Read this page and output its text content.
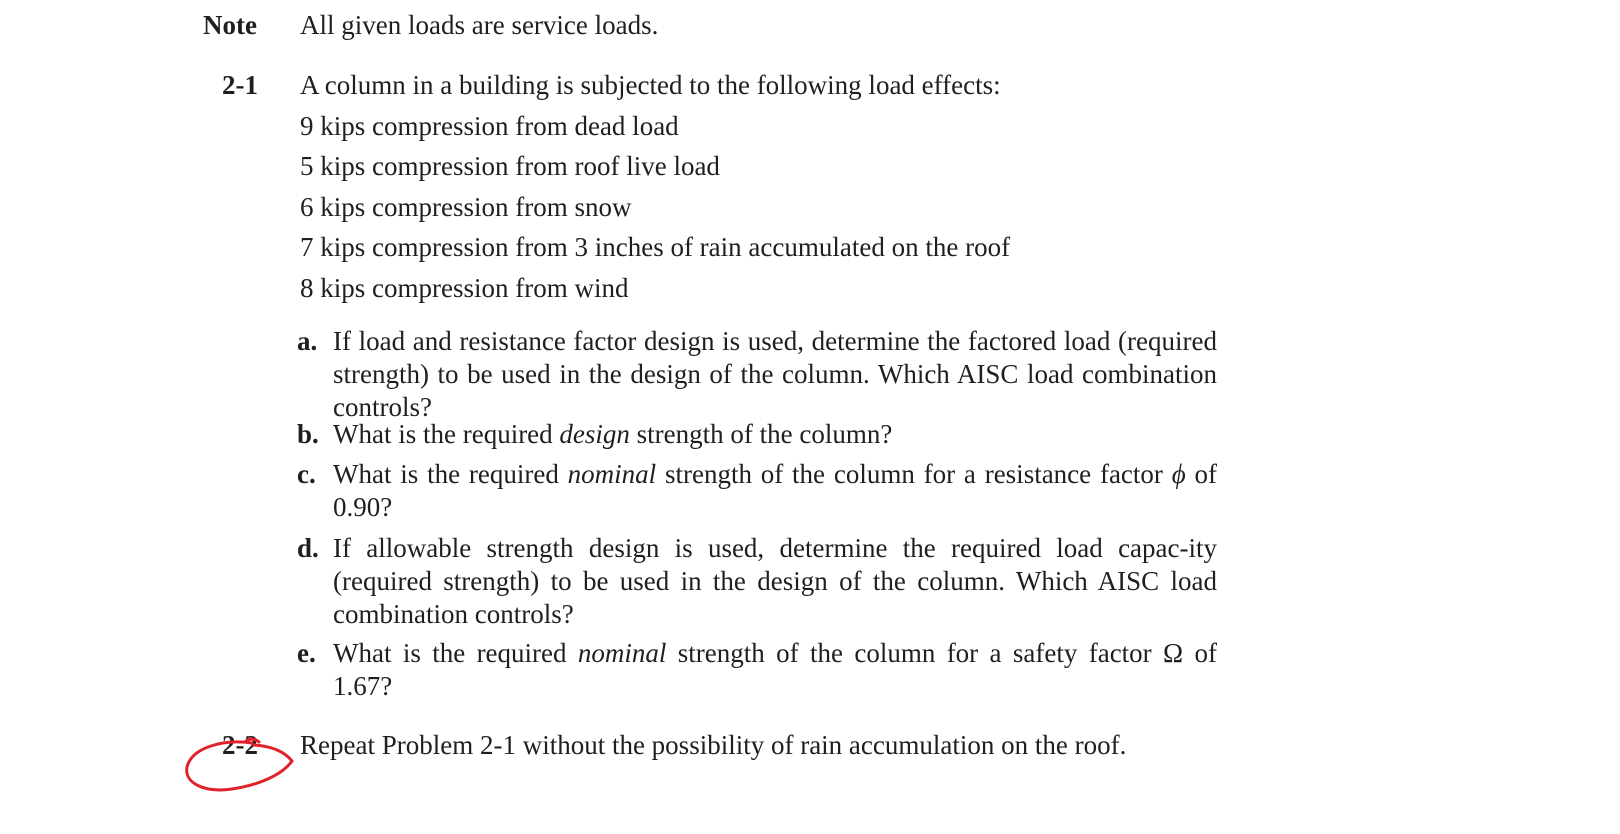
Note All given loads are service loads.
2-1 A column in a building is subjected to the following load effects:
9 kips compression from dead load
5 kips compression from roof live load
6 kips compression from snow
7 kips compression from 3 inches of rain accumulated on the roof
8 kips compression from wind
a. If load and resistance factor design is used, determine the factored load (required strength) to be used in the design of the column. Which AISC load combination controls?
b. What is the required design strength of the column?
c. What is the required nominal strength of the column for a resistance factor ϕ of 0.90?
d. If allowable strength design is used, determine the required load capac-ity (required strength) to be used in the design of the column. Which AISC load combination controls?
e. What is the required nominal strength of the column for a safety factor Ω of 1.67?
2-2 Repeat Problem 2-1 without the possibility of rain accumulation on the roof.
